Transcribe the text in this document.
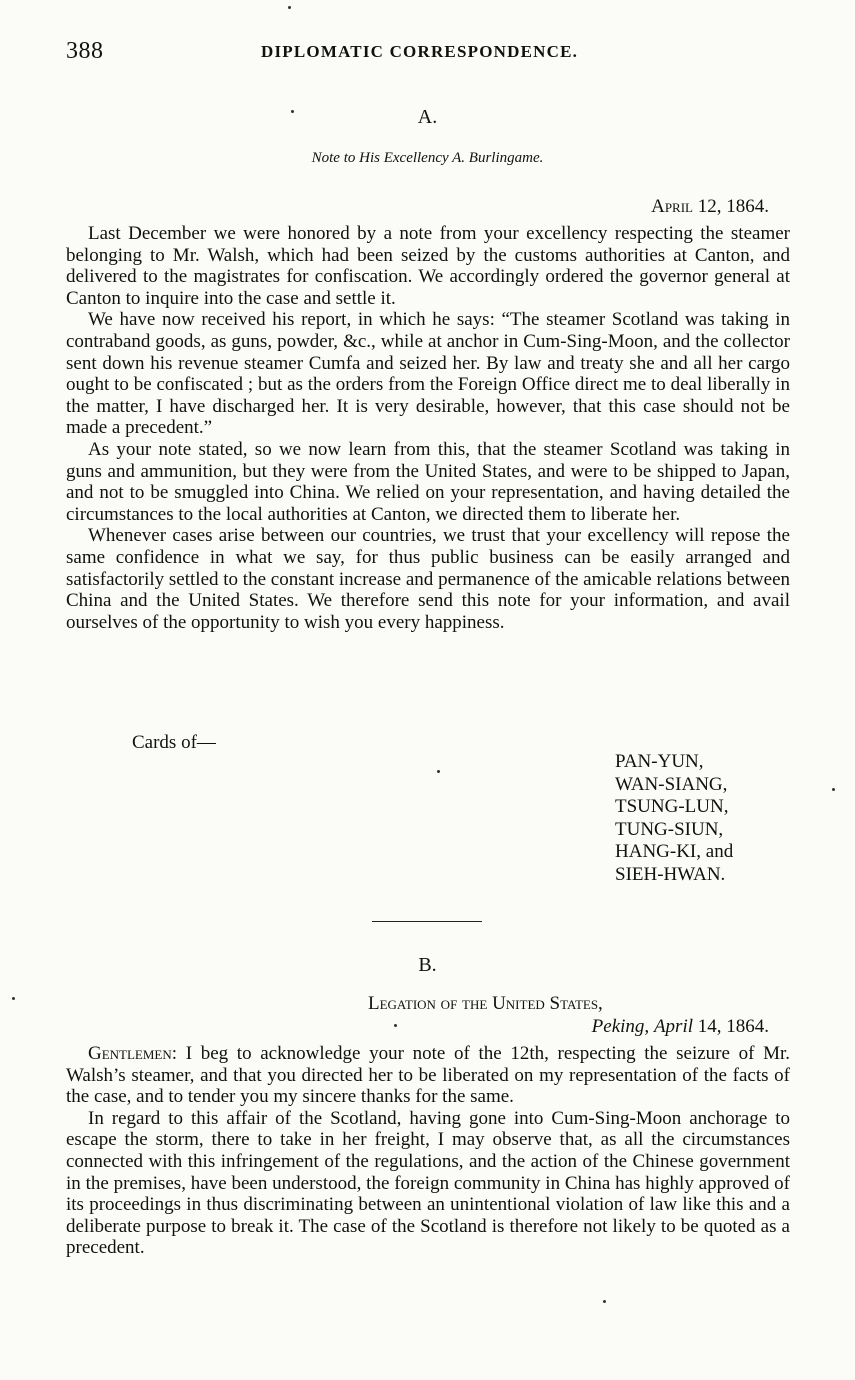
388	DIPLOMATIC CORRESPONDENCE.
A.
Note to His Excellency A. Burlingame.
April 12, 1864.

Last December we were honored by a note from your excellency respecting the steamer belonging to Mr. Walsh, which had been seized by the customs authorities at Canton, and delivered to the magistrates for confiscation. We accordingly ordered the governor general at Canton to inquire into the case and settle it.

We have now received his report, in which he says: “The steamer Scotland was taking in contraband goods, as guns, powder, &c., while at anchor in Cum-Sing-Moon, and the collector sent down his revenue steamer Cumfa and seized her. By law and treaty she and all her cargo ought to be confiscated ; but as the orders from the Foreign Office direct me to deal liberally in the matter, I have discharged her. It is very desirable, however, that this case should not be made a precedent.”

As your note stated, so we now learn from this, that the steamer Scotland was taking in guns and ammunition, but they were from the United States, and were to be shipped to Japan, and not to be smuggled into China. We relied on your representation, and having detailed the circumstances to the local authorities at Canton, we directed them to liberate her.

Whenever cases arise between our countries, we trust that your excellency will repose the same confidence in what we say, for thus public business can be easily arranged and satisfactorily settled to the constant increase and permanence of the amicable relations between China and the United States. We therefore send this note for your information, and avail ourselves of the opportunity to wish you every happiness.

Cards of—
PAN-YUN,
WAN-SIANG,
TSUNG-LUN,
TUNG-SIUN,
HANG-KI, and
SIEH-HWAN.
B.
Legation of the United States,
Peking, April 14, 1864.

Gentlemen: I beg to acknowledge your note of the 12th, respecting the seizure of Mr. Walsh’s steamer, and that you directed her to be liberated on my representation of the facts of the case, and to tender you my sincere thanks for the same.

In regard to this affair of the Scotland, having gone into Cum-Sing-Moon anchorage to escape the storm, there to take in her freight, I may observe that, as all the circumstances connected with this infringement of the regulations, and the action of the Chinese government in the premises, have been understood, the foreign community in China has highly approved of its proceedings in thus discriminating between an unintentional violation of law like this and a deliberate purpose to break it. The case of the Scotland is therefore not likely to be quoted as a precedent.
